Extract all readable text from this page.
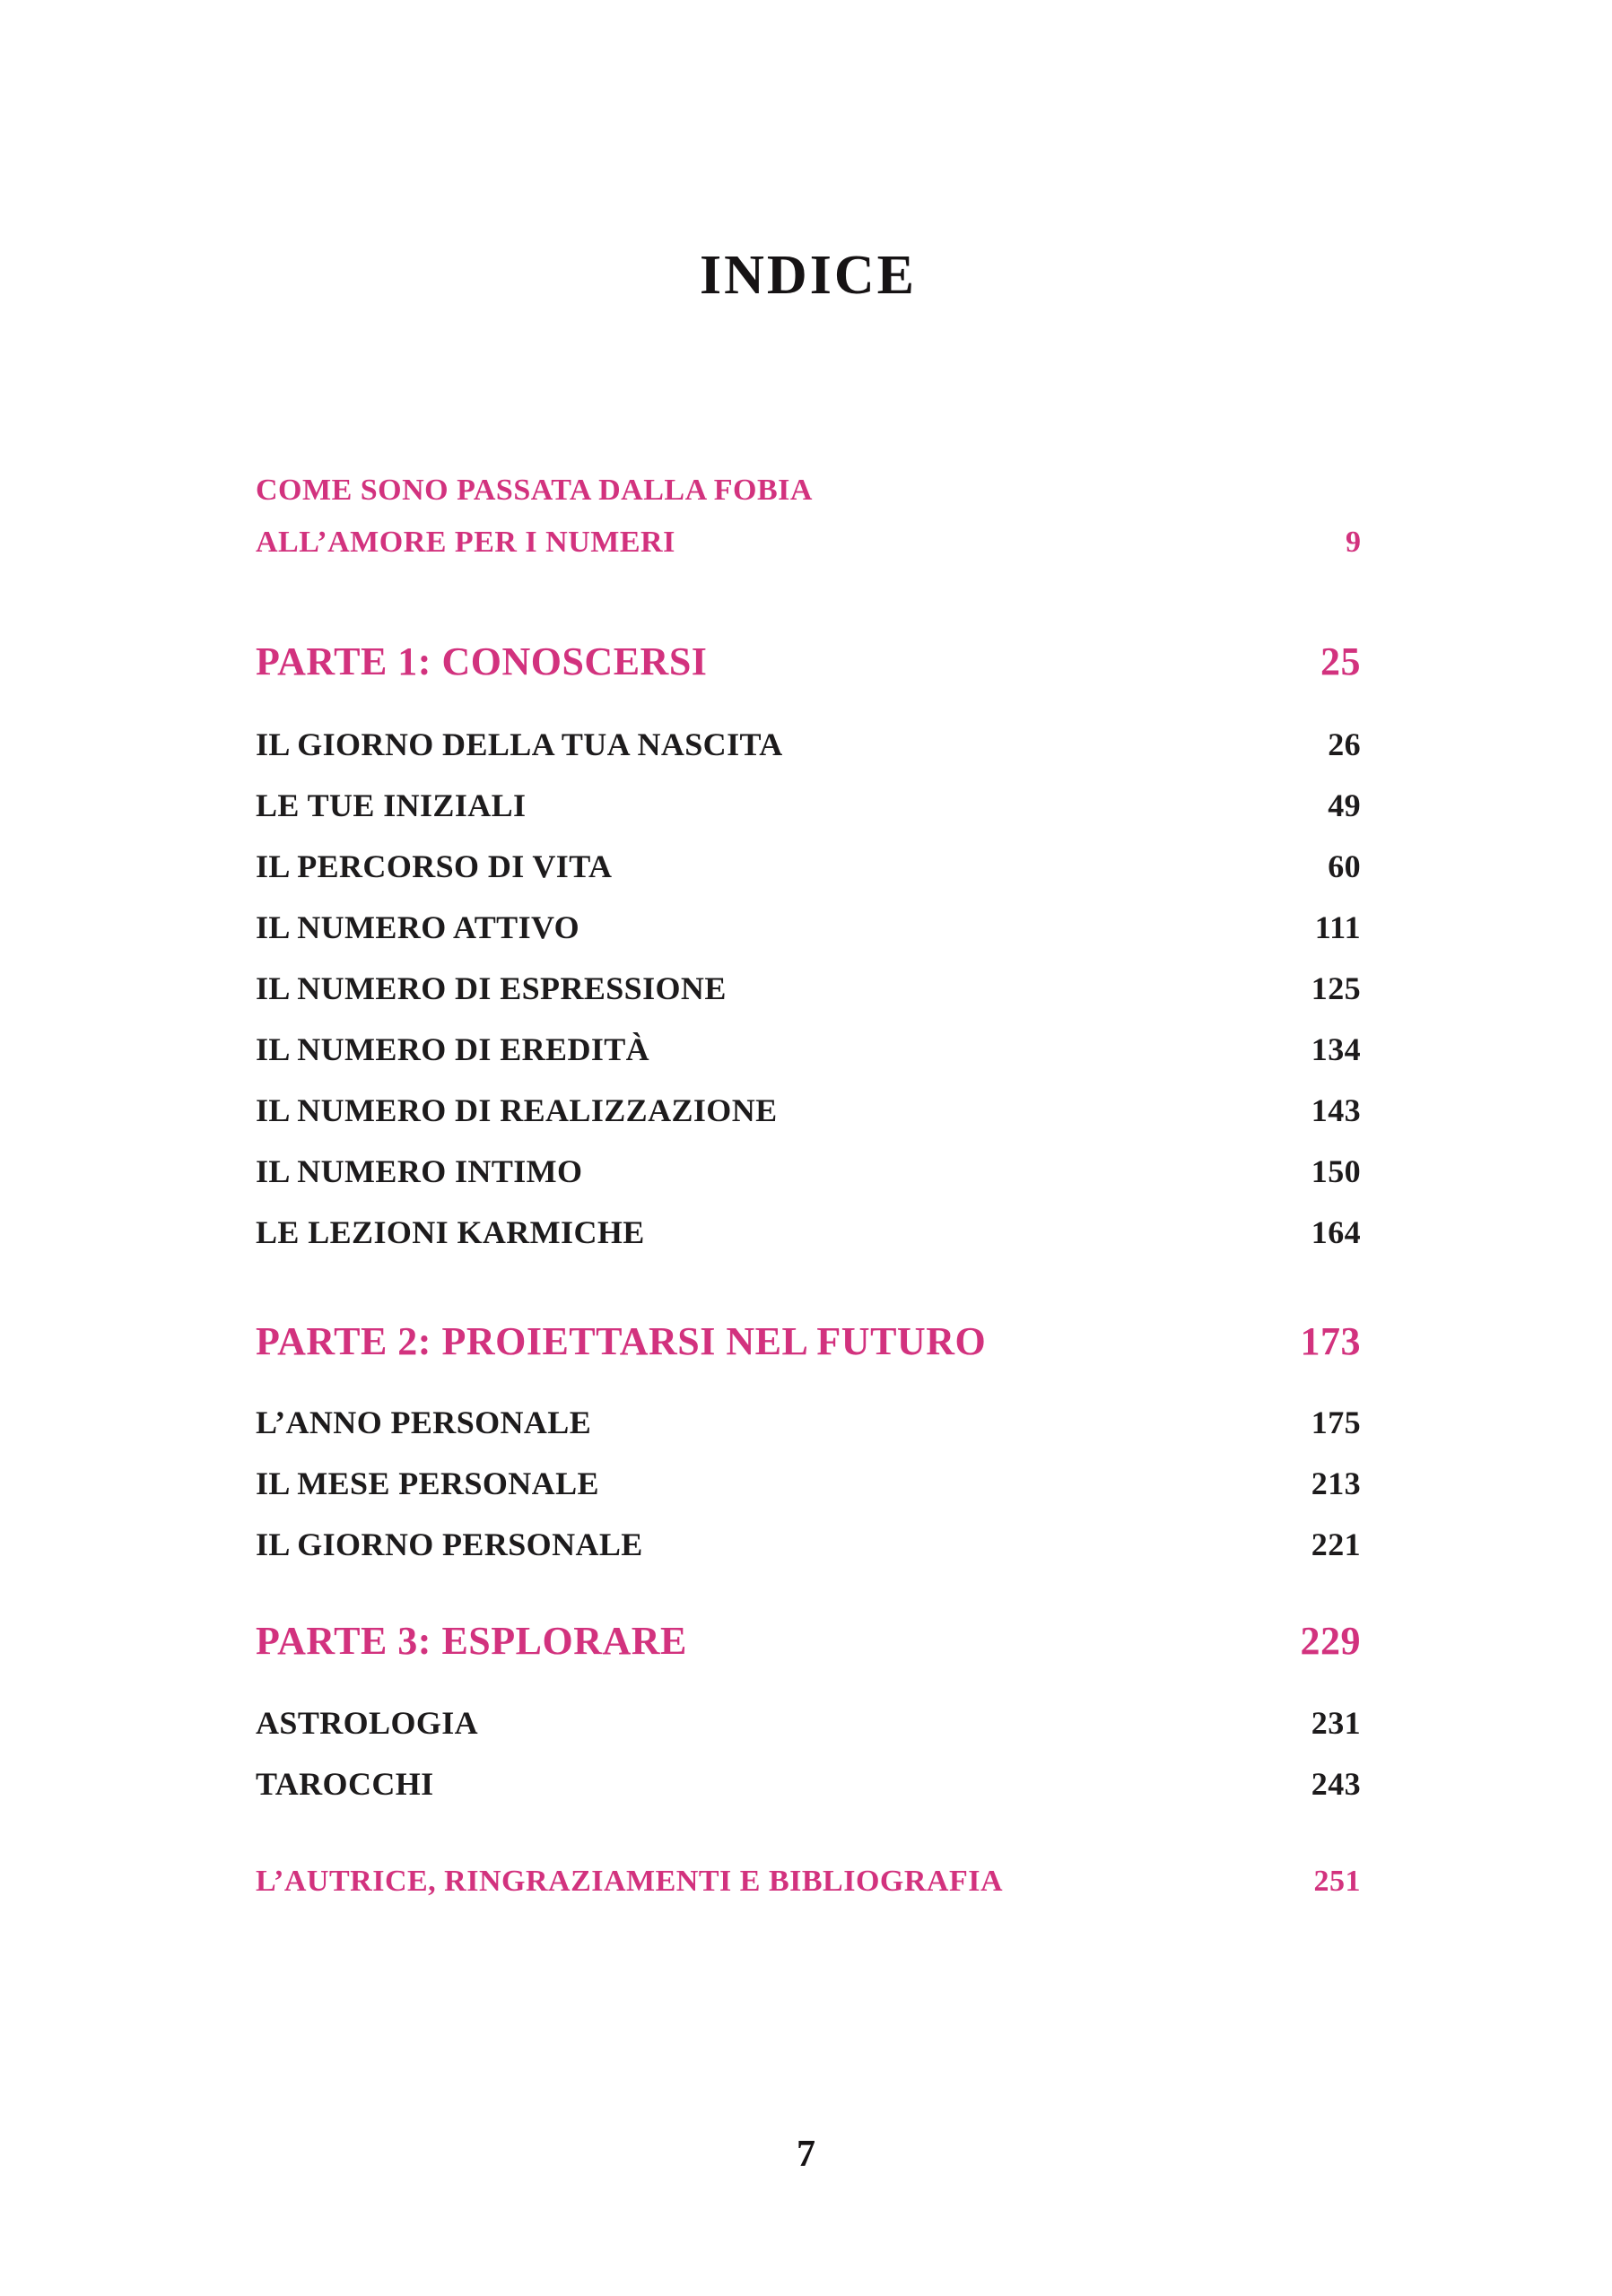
INDICE
COME SONO PASSATA DALLA FOBIA
ALL’AMORE PER I NUMERI	9
PARTE 1: CONOSCERSI	25
IL GIORNO DELLA TUA NASCITA	26
LE TUE INIZIALI	49
IL PERCORSO DI VITA	60
IL NUMERO ATTIVO	111
IL NUMERO DI ESPRESSIONE	125
IL NUMERO DI EREDITÀ	134
IL NUMERO DI REALIZZAZIONE	143
IL NUMERO INTIMO	150
LE LEZIONI KARMICHE	164
PARTE 2: PROIETTARSI NEL FUTURO	173
L’ANNO PERSONALE	175
IL MESE PERSONALE	213
IL GIORNO PERSONALE	221
PARTE 3: ESPLORARE	229
ASTROLOGIA	231
TAROCCHI	243
L’AUTRICE, RINGRAZIAMENTI E BIBLIOGRAFIA	251
7
